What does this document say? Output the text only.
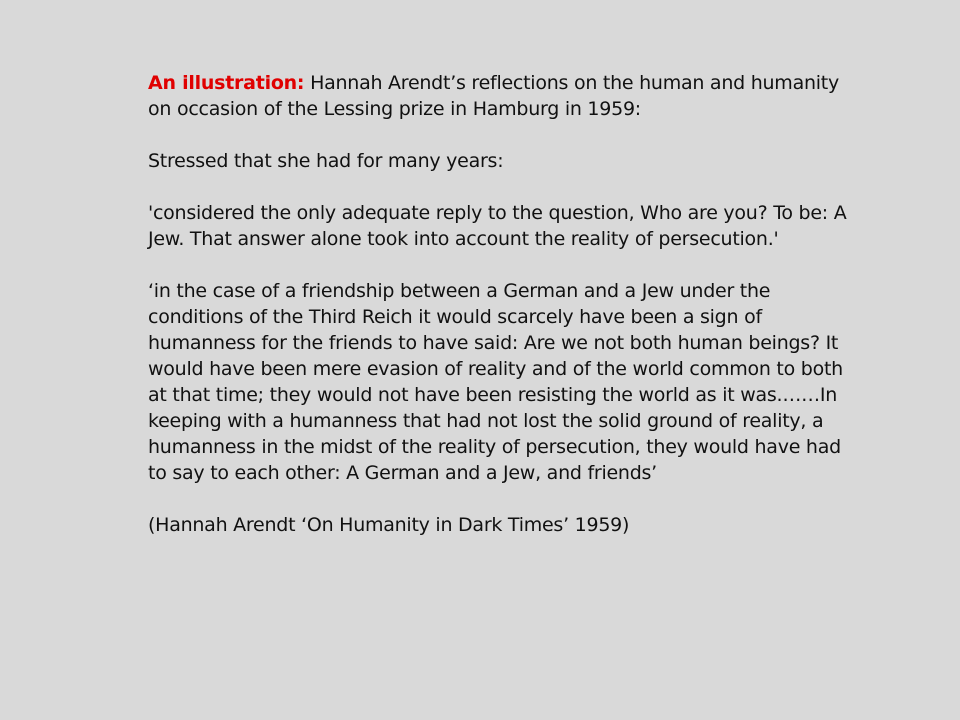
An illustration: Hannah Arendt’s reflections on the human and humanity on occasion of the Lessing prize in Hamburg in 1959:

Stressed that she had for many years:

'considered the only adequate reply to the question, Who are you? To be: A Jew. That answer alone took into account the reality of persecution.'

‘in the case of a friendship between a German and a Jew under the conditions of the Third Reich it would scarcely have been a sign of humanness for the friends to have said: Are we not both human beings? It would have been mere evasion of reality and of the world common to both at that time; they would not have been resisting the world as it was.……In keeping with a humanness that had not lost the solid ground of reality, a humanness in the midst of the reality of persecution, they would have had to say to each other: A German and a Jew, and friends’

(Hannah Arendt ‘On Humanity in Dark Times’ 1959)
